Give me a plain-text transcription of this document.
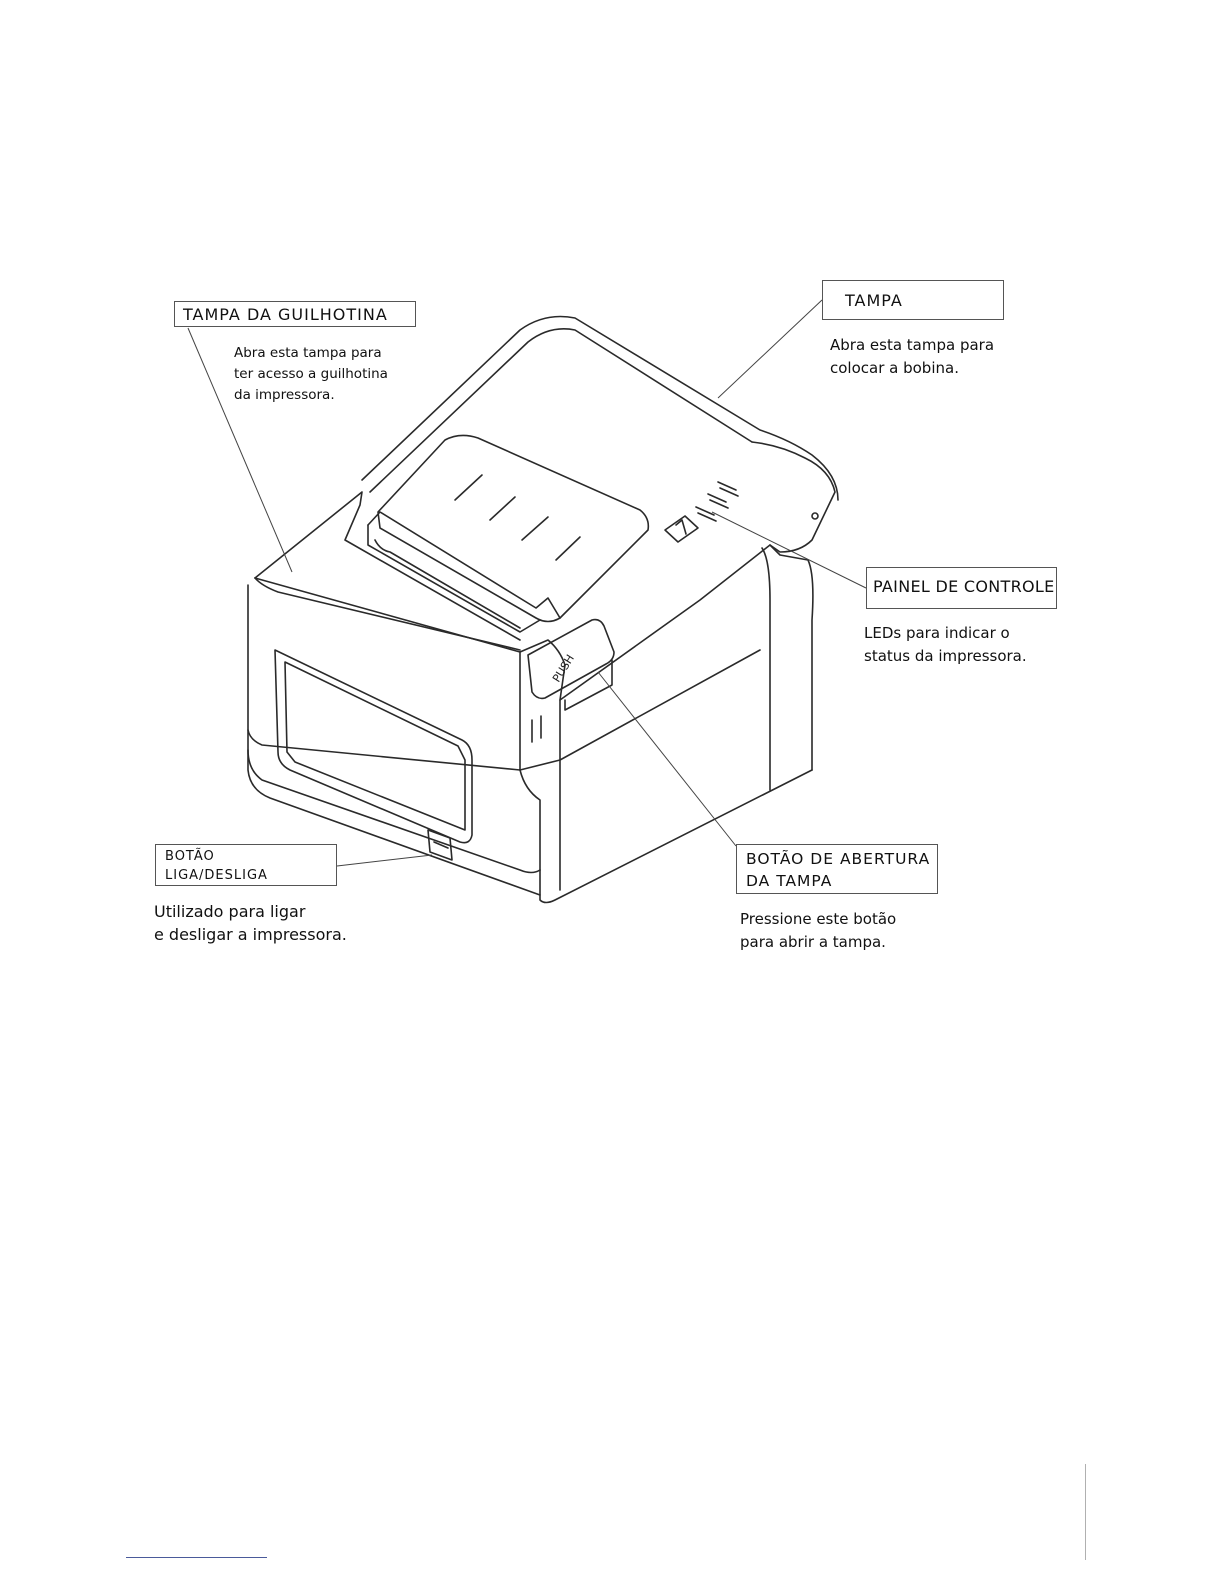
PUSH
TAMPA DA GUILHOTINA
Abra esta tampa para
ter acesso a guilhotina
da impressora.
TAMPA
Abra esta tampa para
colocar a bobina.
PAINEL DE CONTROLE
LEDs para indicar o
status da impressora.
BOTÃO
LIGA/DESLIGA
Utilizado para ligar
e desligar a impressora.
BOTÃO DE ABERTURA
DA TAMPA
Pressione este botão
para abrir a tampa.
